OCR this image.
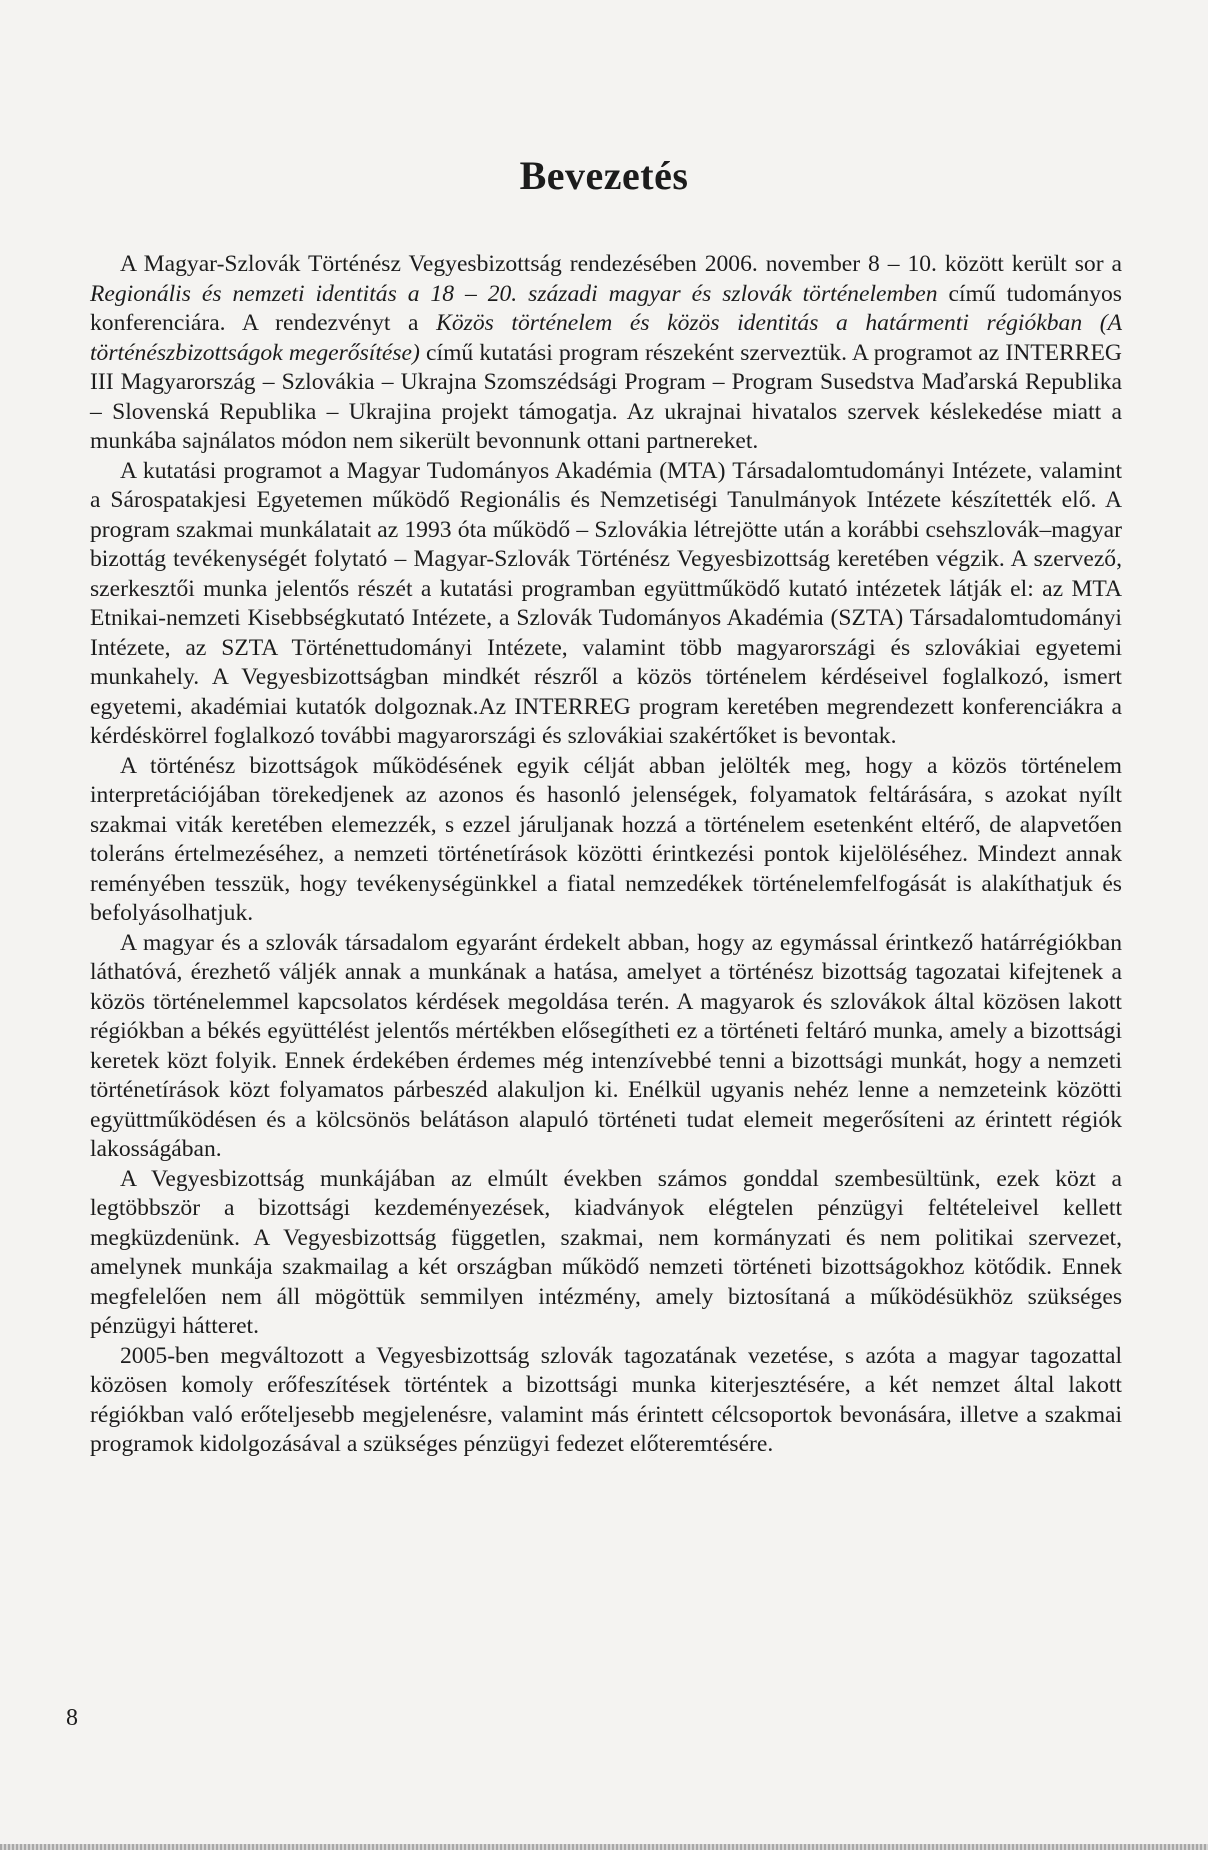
Bevezetés

A Magyar-Szlovák Történész Vegyesbizottság rendezésében 2006. november 8 – 10. között került sor a Regionális és nemzeti identitás a 18 – 20. századi magyar és szlovák történelemben című tudományos konferenciára. A rendezvényt a Közös történelem és közös identitás a határmenti régiókban (A történészbizottságok megerősítése) című kutatási program részeként szerveztük. A programot az INTERREG III Magyarország – Szlovákia – Ukrajna Szomszédsági Program – Program Susedstva Maďarská Republika – Slovenská Republika – Ukrajina projekt támogatja. Az ukrajnai hivatalos szervek késlekedése miatt a munkába sajnálatos módon nem sikerült bevonnunk ottani partnereket.

A kutatási programot a Magyar Tudományos Akadémia (MTA) Társadalomtudományi Intézete, valamint a Sárospatakjesi Egyetemen működő Regionális és Nemzetiségi Tanulmányok Intézete készítették elő. A program szakmai munkálatait az 1993 óta működő – Szlovákia létrejötte után a korábbi csehszlovák–magyar bizottág tevékenységét folytató – Magyar-Szlovák Történész Vegyesbizottság keretében végzik. A szervező, szerkesztői munka jelentős részét a kutatási programban együttműködő kutató intézetek látják el: az MTA Etnikai-nemzeti Kisebbségkutató Intézete, a Szlovák Tudományos Akadémia (SZTA) Társadalomtudományi Intézete, az SZTA Történettudományi Intézete, valamint több magyarországi és szlovákiai egyetemi munkahely. A Vegyesbizottságban mindkét részről a közös történelem kérdéseivel foglalkozó, ismert egyetemi, akadémiai kutatók dolgoznak.Az INTERREG program keretében megrendezett konferenciákra a kérdéskörrel foglalkozó további magyarországi és szlovákiai szakértőket is bevontak.

A történész bizottságok működésének egyik célját abban jelölték meg, hogy a közös történelem interpretációjában törekedjenek az azonos és hasonló jelenségek, folyamatok feltárására, s azokat nyílt szakmai viták keretében elemezzék, s ezzel járuljanak hozzá a történelem esetenként eltérő, de alapvetően toleráns értelmezéséhez, a nemzeti történetírások közötti érintkezési pontok kijelöléséhez. Mindezt annak reményében tesszük, hogy tevékenységünkkel a fiatal nemzedékek történelemfelfogását is alakíthatjuk és befolyásolhatjuk.

A magyar és a szlovák társadalom egyaránt érdekelt abban, hogy az egymással érintkező határrégiókban láthatóvá, érezhető váljék annak a munkának a hatása, amelyet a történész bizottság tagozatai kifejtenek a közös történelemmel kapcsolatos kérdések megoldása terén. A magyarok és szlovákok által közösen lakott régiókban a békés együttélést jelentős mértékben elősegítheti ez a történeti feltáró munka, amely a bizottsági keretek közt folyik. Ennek érdekében érdemes még intenzívebbé tenni a bizottsági munkát, hogy a nemzeti történetírások közt folyamatos párbeszéd alakuljon ki. Enélkül ugyanis nehéz lenne a nemzeteink közötti együttműködésen és a kölcsönös belátáson alapuló történeti tudat elemeit megerősíteni az érintett régiók lakosságában.

A Vegyesbizottság munkájában az elmúlt években számos gonddal szembesültünk, ezek közt a legtöbbször a bizottsági kezdeményezések, kiadványok elégtelen pénzügyi feltételeivel kellett megküzdenünk. A Vegyesbizottság független, szakmai, nem kormányzati és nem politikai szervezet, amelynek munkája szakmailag a két országban működő nemzeti történeti bizottságokhoz kötődik. Ennek megfelelően nem áll mögöttük semmilyen intézmény, amely biztosítaná a működésükhöz szükséges pénzügyi hátteret.

2005-ben megváltozott a Vegyesbizottság szlovák tagozatának vezetése, s azóta a magyar tagozattal közösen komoly erőfeszítések történtek a bizottsági munka kiterjesztésére, a két nemzet által lakott régiókban való erőteljesebb megjelenésre, valamint más érintett célcsoportok bevonására, illetve a szakmai programok kidolgozásával a szükséges pénzügyi fedezet előteremtésére.

8
